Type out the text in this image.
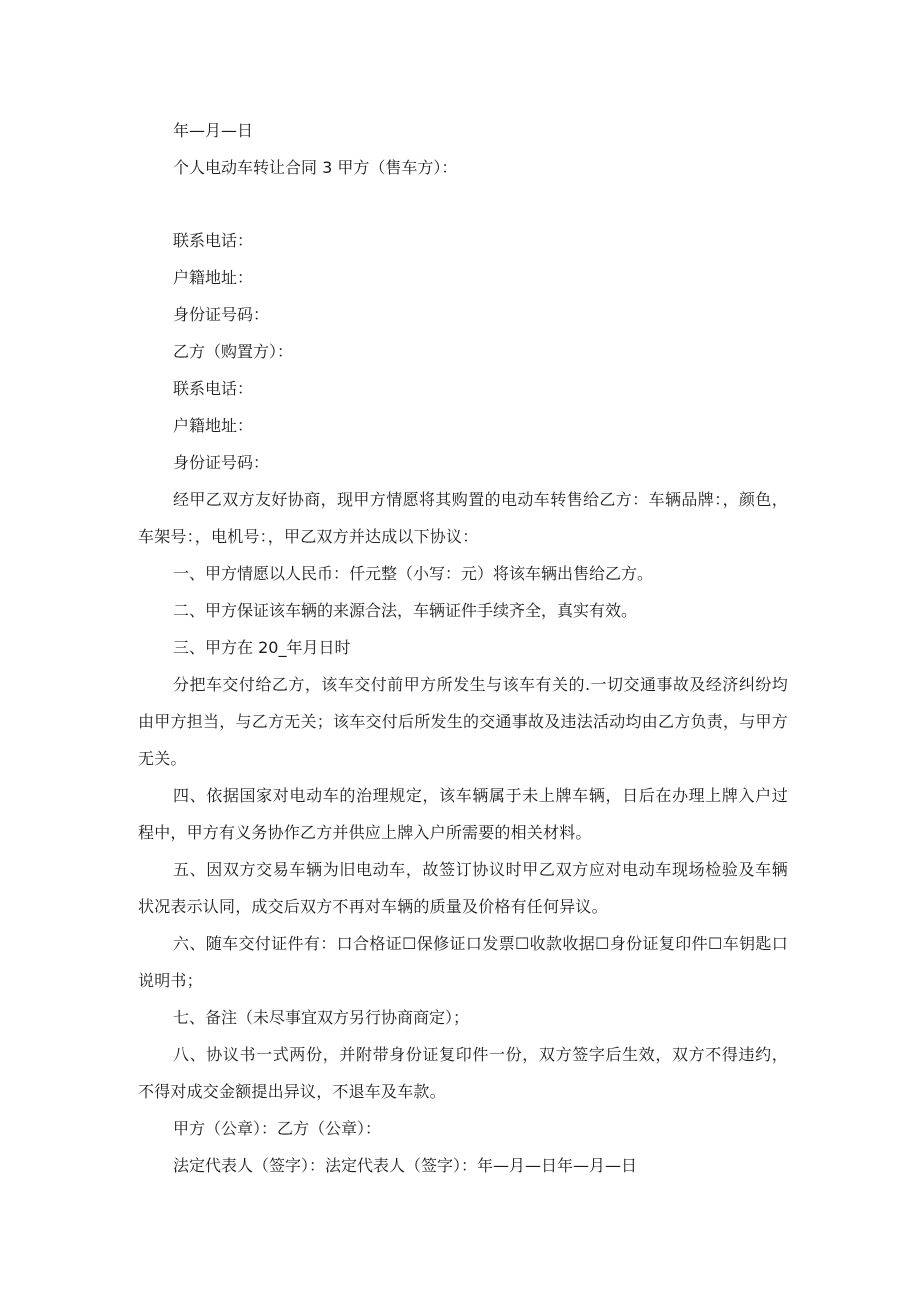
年—月—日

个人电动车转让合同 3 甲方（售车方）：

联系电话：

户籍地址：

身份证号码：

乙方（购置方）：

联系电话：

户籍地址：

身份证号码：

经甲乙双方友好协商，现甲方情愿将其购置的电动车转售给乙方：车辆品牌：，颜色，车架号：，电机号：，甲乙双方并达成以下协议：

一、甲方情愿以人民币：仟元整（小写：元）将该车辆出售给乙方。

二、甲方保证该车辆的来源合法，车辆证件手续齐全，真实有效。

三、甲方在 20_年月日时

分把车交付给乙方，该车交付前甲方所发生与该车有关的.一切交通事故及经济纠纷均由甲方担当，与乙方无关；该车交付后所发生的交通事故及违法活动均由乙方负责，与甲方无关。

四、依据国家对电动车的治理规定，该车辆属于未上牌车辆，日后在办理上牌入户过程中，甲方有义务协作乙方并供应上牌入户所需要的相关材料。

五、因双方交易车辆为旧电动车，故签订协议时甲乙双方应对电动车现场检验及车辆状况表示认同，成交后双方不再对车辆的质量及价格有任何异议。

六、随车交付证件有：口合格证☐保修证口发票☐收款收据☐身份证复印件☐车钥匙口说明书；

七、备注（未尽事宜双方另行协商商定）；

八、协议书一式两份，并附带身份证复印件一份，双方签字后生效，双方不得违约，不得对成交金额提出异议，不退车及车款。

甲方（公章）：乙方（公章）：

法定代表人（签字）：法定代表人（签字）：年—月—日年—月—日
